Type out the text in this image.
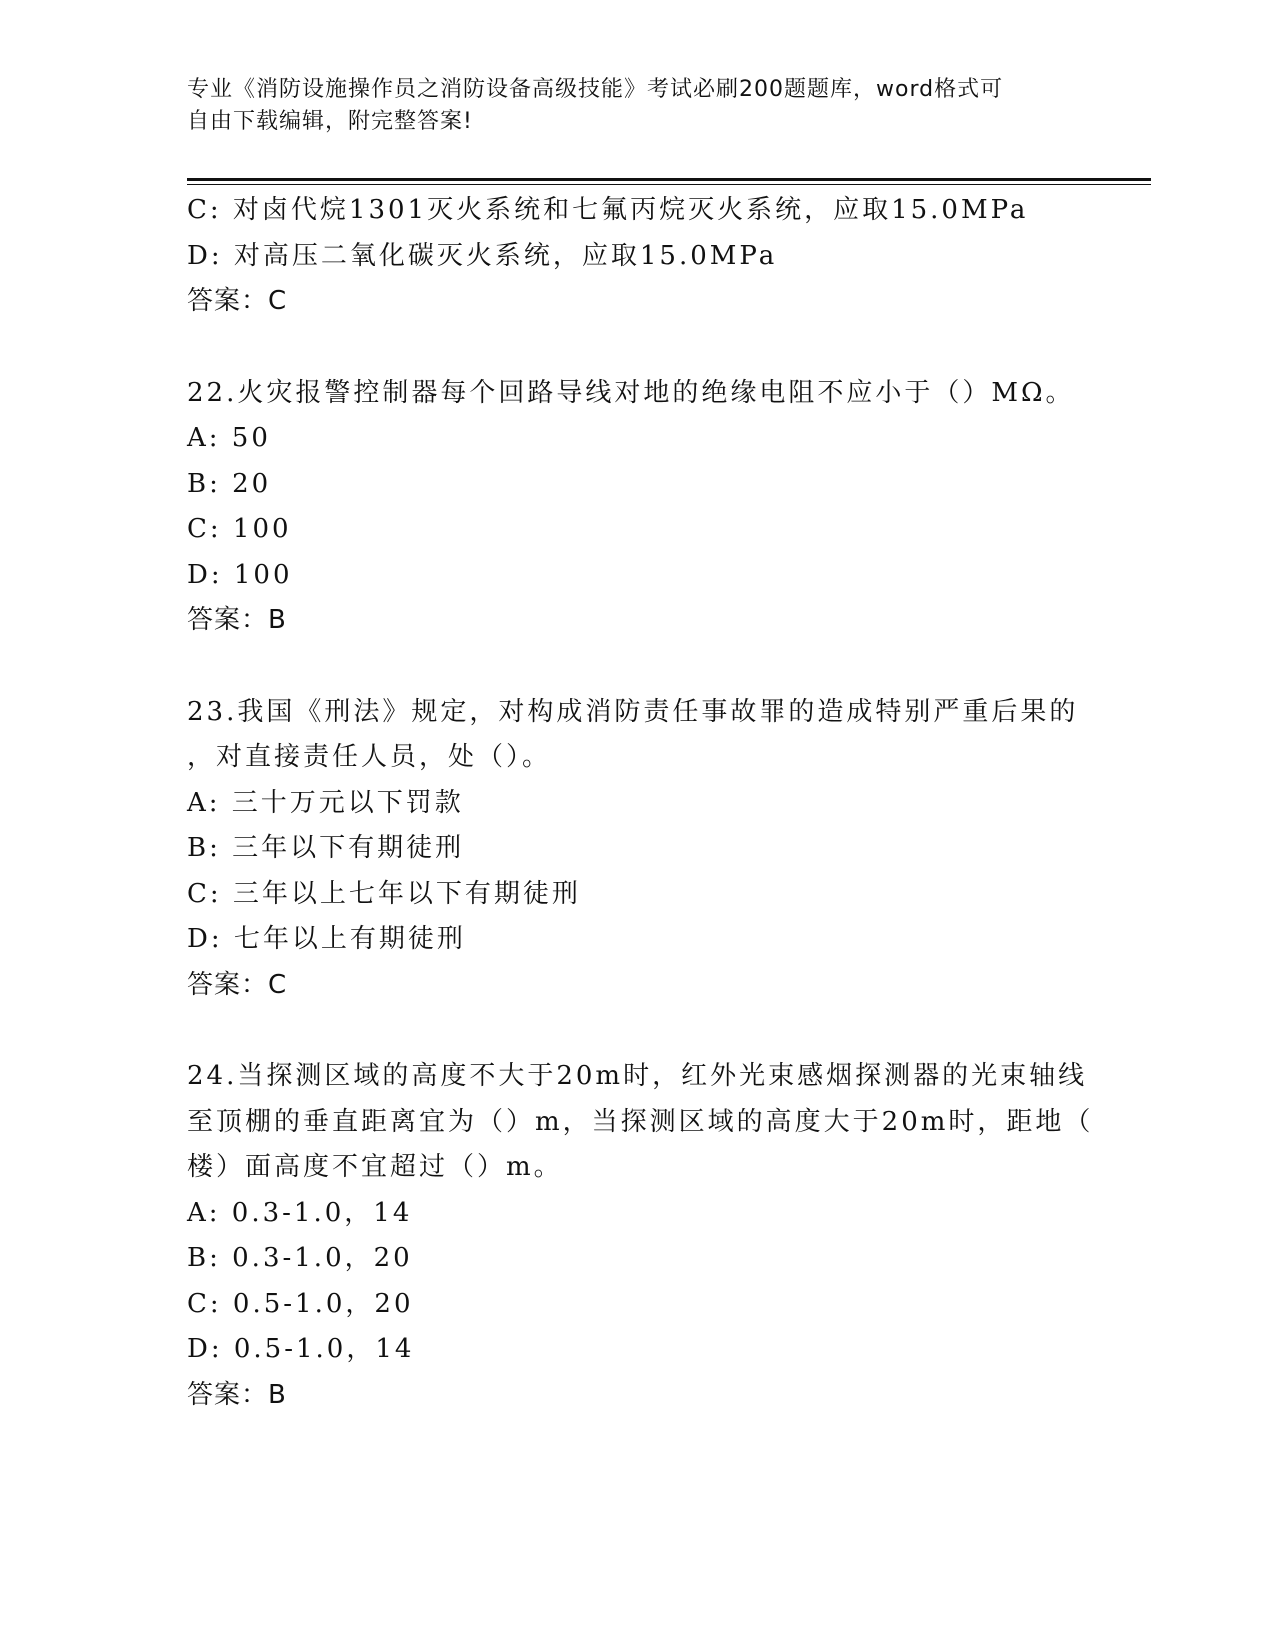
专业《消防设施操作员之消防设备高级技能》考试必刷200题题库，word格式可
自由下载编辑，附完整答案!
C: 对卤代烷1301灭火系统和七氟丙烷灭火系统，应取15.0MPa
D: 对高压二氧化碳灭火系统，应取15.0MPa
答案：C
22.火灾报警控制器每个回路导线对地的绝缘电阻不应小于（）MΩ。
A: 50
B: 20
C: 100
D: 100
答案：B
23.我国《刑法》规定，对构成消防责任事故罪的造成特别严重后果的
，对直接责任人员，处（）。
A: 三十万元以下罚款
B: 三年以下有期徒刑
C: 三年以上七年以下有期徒刑
D: 七年以上有期徒刑
答案：C
24.当探测区域的高度不大于20m时，红外光束感烟探测器的光束轴线
至顶棚的垂直距离宜为（）m，当探测区域的高度大于20m时，距地（
楼）面高度不宜超过（）m。
A: 0.3-1.0，14
B: 0.3-1.0，20
C: 0.5-1.0，20
D: 0.5-1.0，14
答案：B
